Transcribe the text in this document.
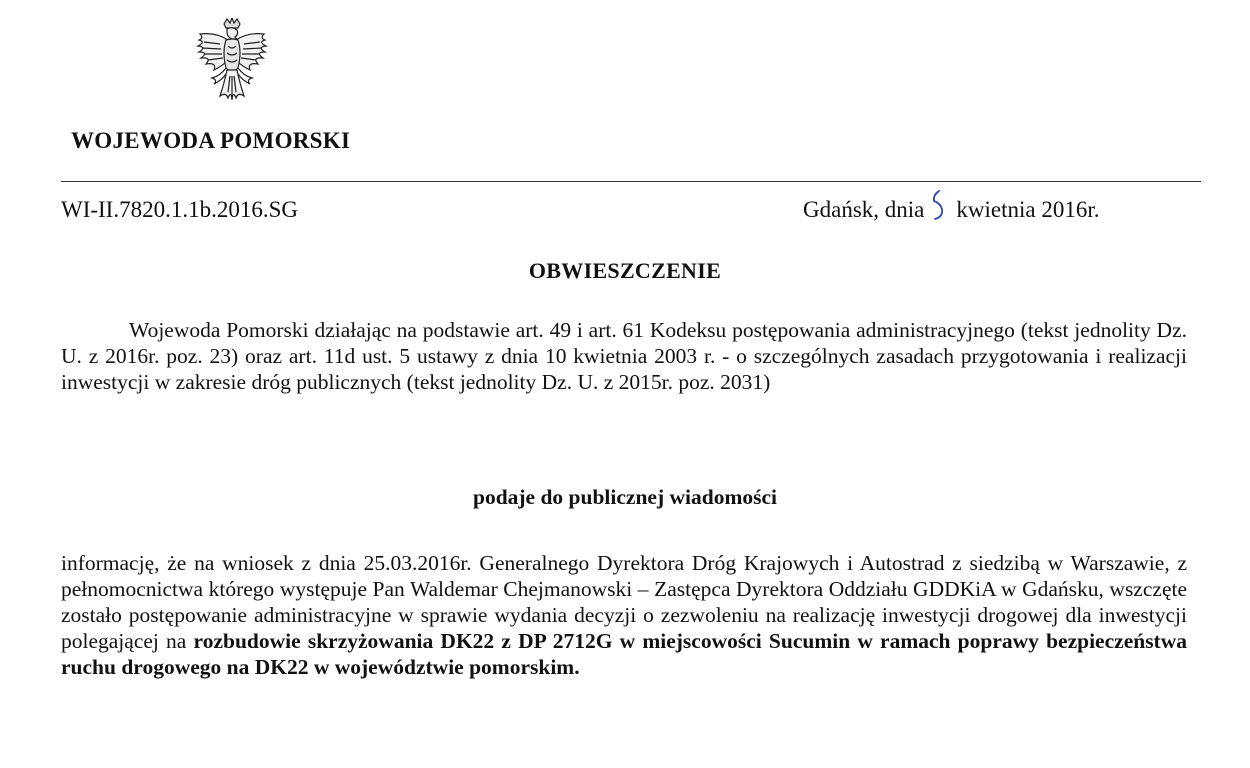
WOJEWODA POMORSKI
WI-II.7820.1.1b.2016.SG	Gdańsk, dnia kwietnia 2016r.
OBWIESZCZENIE
Wojewoda Pomorski działając na podstawie art. 49 i art. 61 Kodeksu postępowania administracyjnego (tekst jednolity Dz. U. z 2016r. poz. 23) oraz art. 11d ust. 5 ustawy z dnia 10 kwietnia 2003 r. - o szczególnych zasadach przygotowania i realizacji inwestycji w zakresie dróg publicznych (tekst jednolity Dz. U. z 2015r. poz. 2031)
podaje do publicznej wiadomości
informację, że na wniosek z dnia 25.03.2016r. Generalnego Dyrektora Dróg Krajowych i Autostrad z siedzibą w Warszawie, z pełnomocnictwa którego występuje Pan Waldemar Chejmanowski – Zastępca Dyrektora Oddziału GDDKiA w Gdańsku, wszczęte zostało postępowanie administracyjne w sprawie wydania decyzji o zezwoleniu na realizację inwestycji drogowej dla inwestycji polegającej na rozbudowie skrzyżowania DK22 z DP 2712G w miejscowości Sucumin w ramach poprawy bezpieczeństwa ruchu drogowego na DK22 w województwie pomorskim.
